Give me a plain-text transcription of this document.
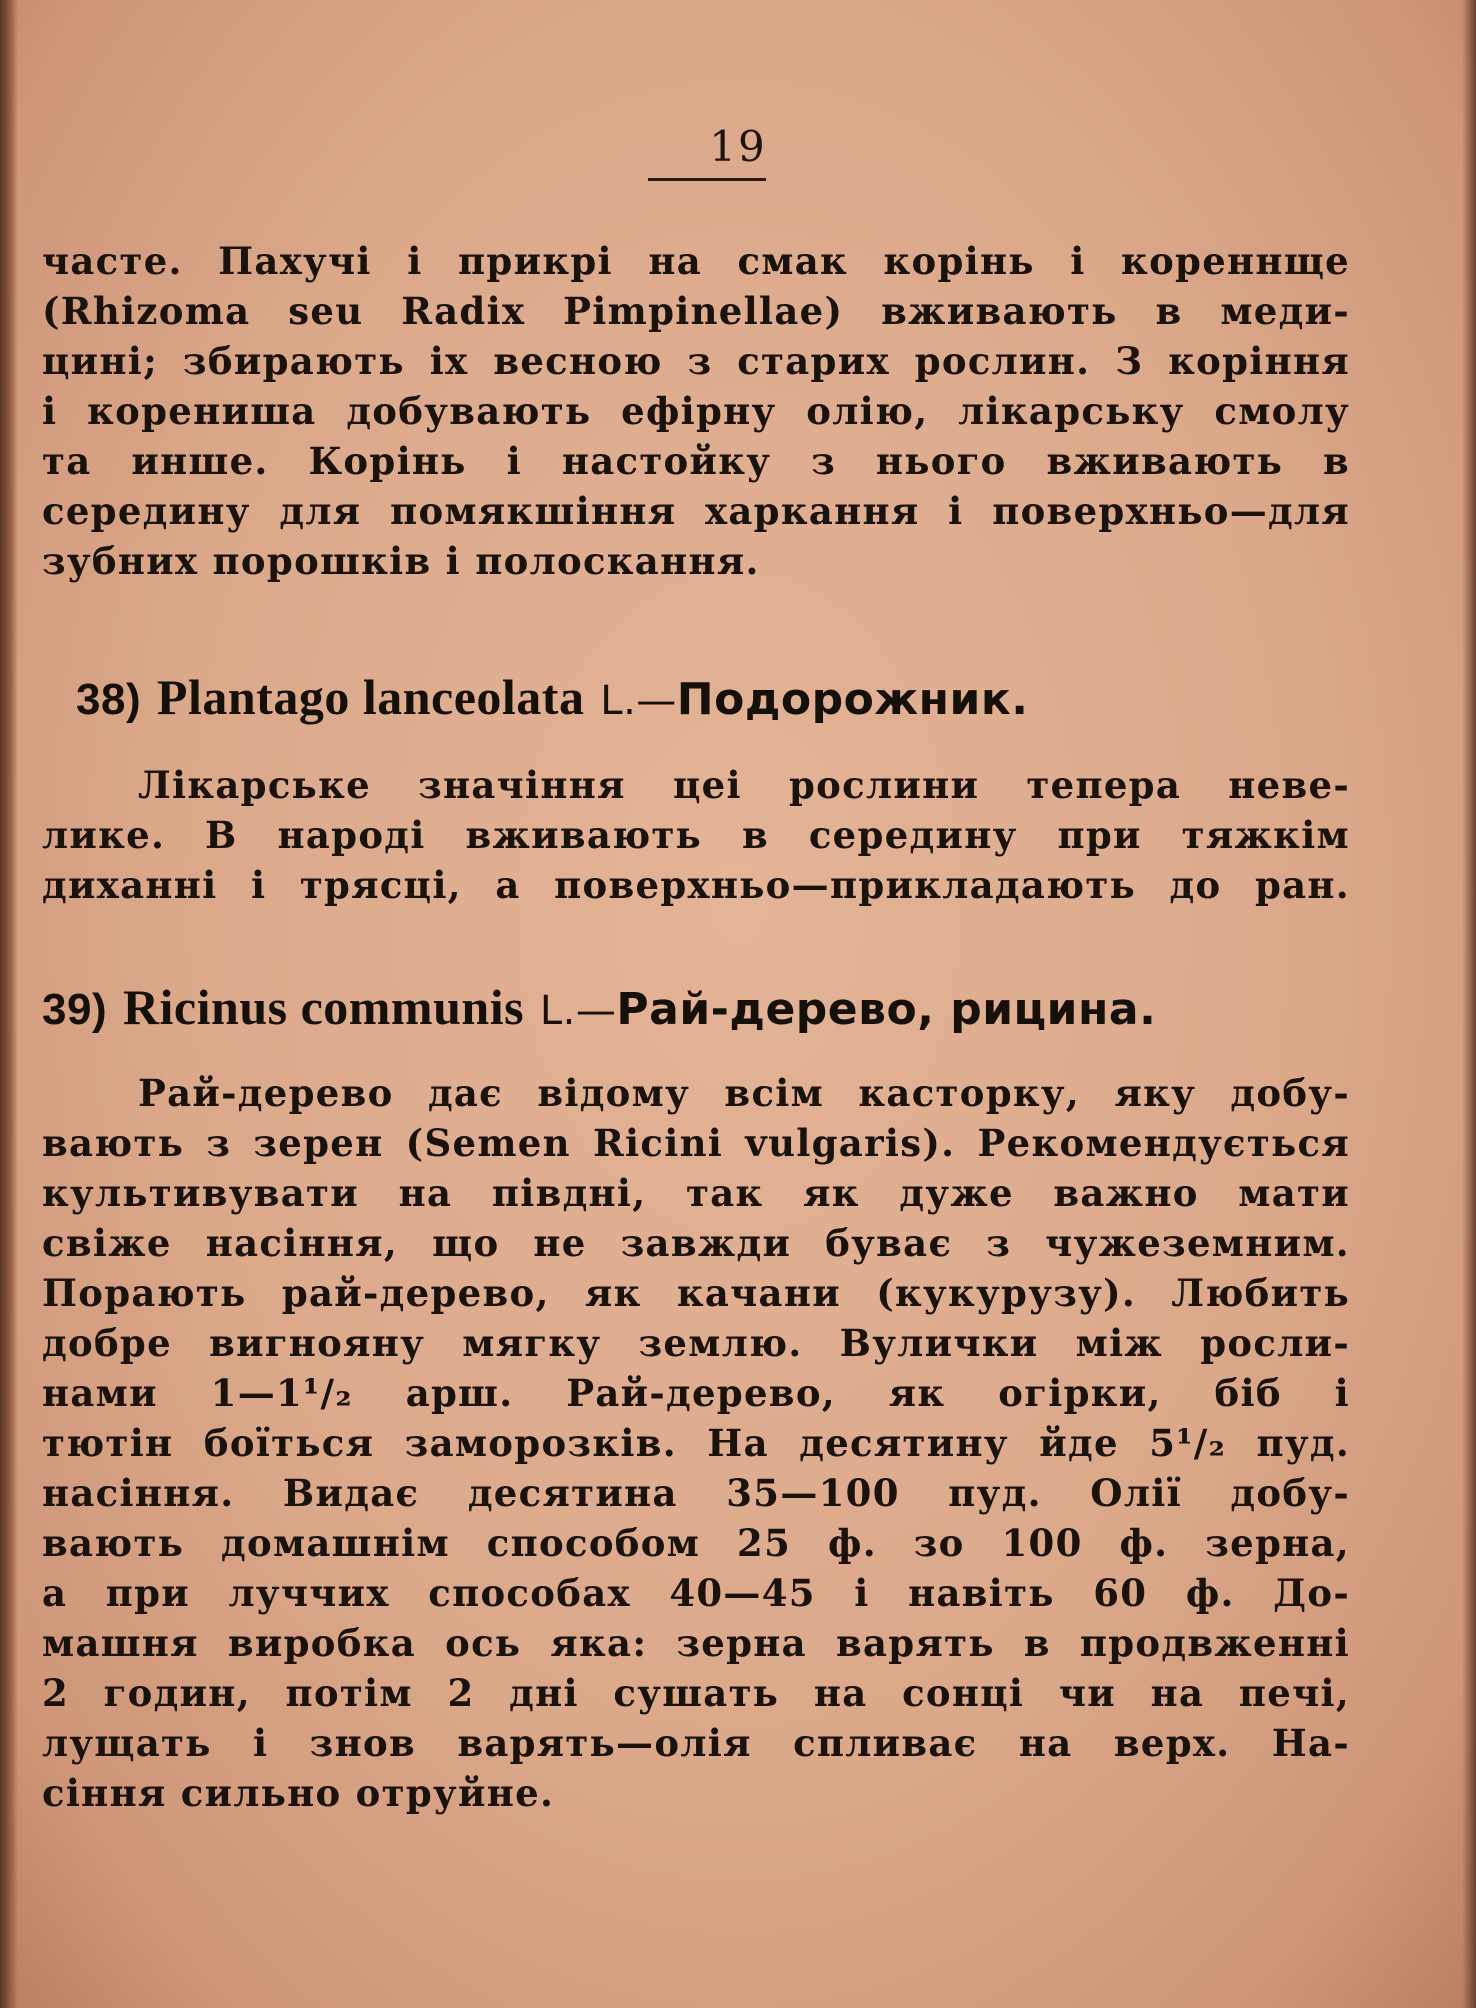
19
часте. Пахучі і прикрі на смак корінь і кореннще
(Rhizoma seu Radix Pimpinellae) вживають в меди-
цині; збирають іх весною з старих рослин. З коріння
і корениша добувають ефірну олію, лікарську смолу
та инше. Корінь і настойку з нього вживають в
середину для помякшіння харкання і поверхньо—для
зубних порошків і полоскання.
38) Plantago lanceolata L.—Подорожник.
Лікарське значіння цеі рослини тепера неве-
лике. В народі вживають в середину при тяжкім
диханні і трясці, а поверхньо—прикладають до ран.
39) Ricinus communis L.—Рай-дерево, рицина.
Рай-дерево дає відому всім касторку, яку добу-
вають з зерен (Semen Ricini vulgaris). Рекомендується
культивувати на півдні, так як дуже важно мати
свіже насіння, що не завжди буває з чужеземним.
Порають рай-дерево, як качани (кукурузу). Любить
добре вигнояну мягку землю. Вулички між росли-
нами 1—1¹/₂ арш. Рай-дерево, як огірки, біб і
тютін боїться заморозків. На десятину йде 5¹/₂ пуд.
насіння. Видає десятина 35—100 пуд. Олії добу-
вають домашнім способом 25 ф. зо 100 ф. зерна,
а при луччих способах 40—45 і навіть 60 ф. До-
машня виробка ось яка: зерна варять в продвженні
2 годин, потім 2 дні сушать на сонці чи на печі,
лущать і знов варять—олія спливає на верх. На-
сіння сильно отруйне.
